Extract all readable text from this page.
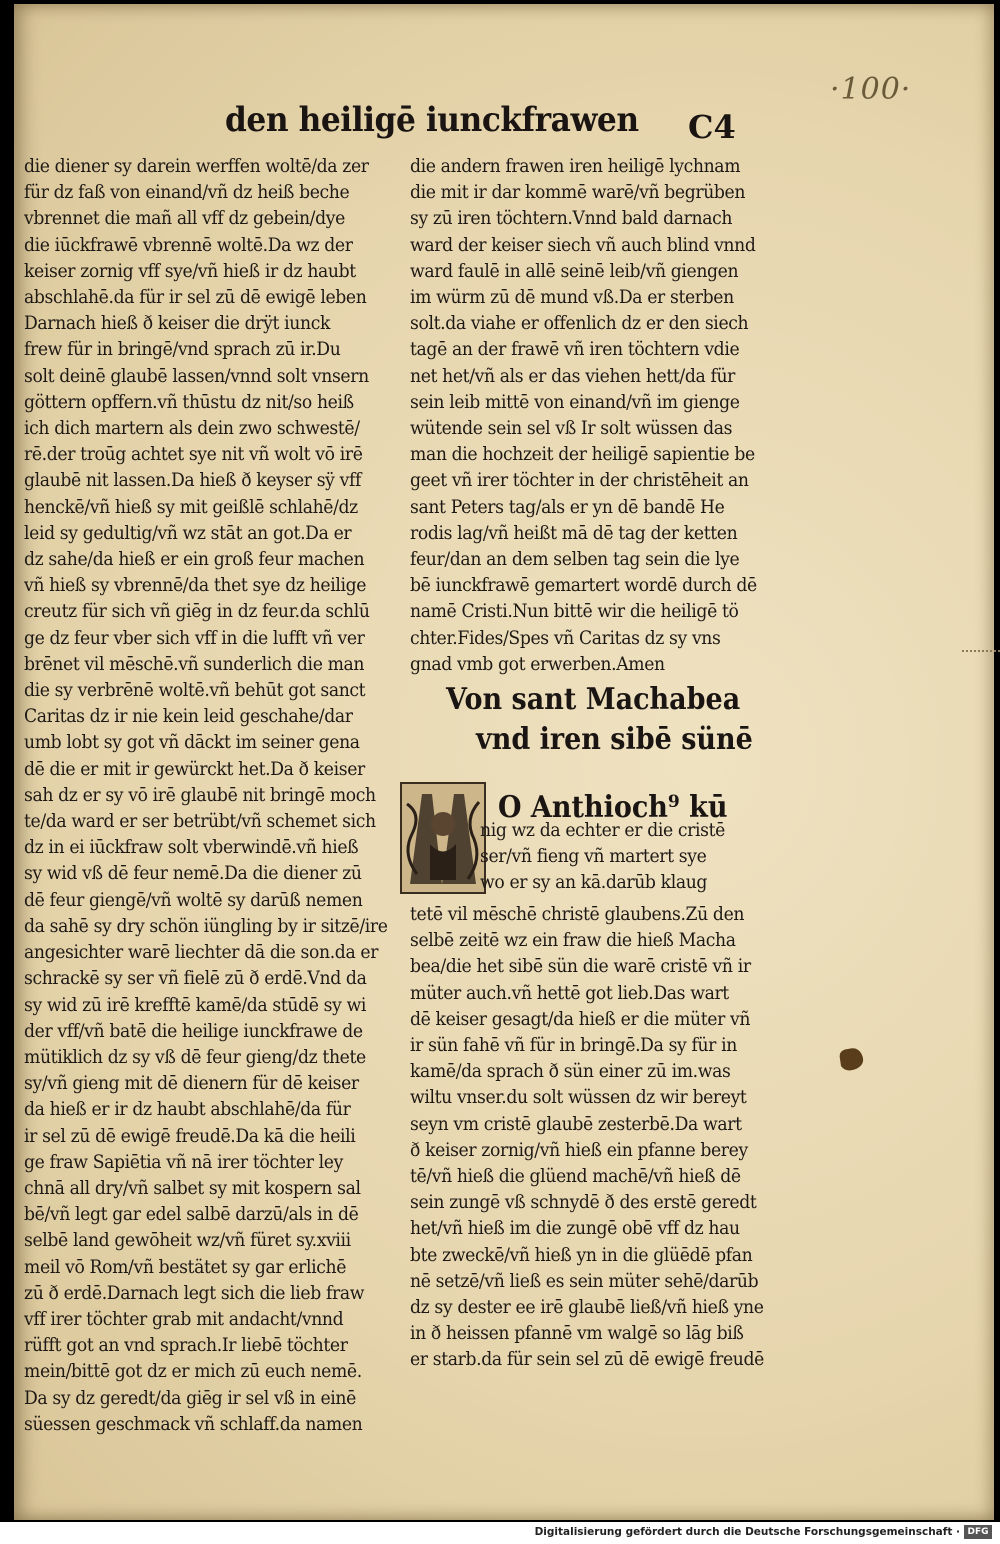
·100·
den heiligē iunckfrawen C4
die diener sy darein werffen woltē/da zer
für dz faß von einand/vñ dz heiß beche
vbrennet die mañ all vff dz gebein/dye
die iūckfrawē vbrennē woltē.Da wz der
keiser zornig vff sye/vñ hieß ir dz haubt
abschlahē.da für ir sel zū dē ewigē leben
Darnach hieß ð keiser die drÿt iunck
frew für in bringē/vnd sprach zū ir.Du
solt deinē glaubē lassen/vnnd solt vnsern
göttern opffern.vñ thūstu dz nit/so heiß
ich dich martern als dein zwo schwestē/
rē.der troūg achtet sye nit vñ wolt vō irē
glaubē nit lassen.Da hieß ð keyser sÿ vff
henckē/vñ hieß sy mit geißlē schlahē/dz
leid sy gedultig/vñ wz stāt an got.Da er
dz sahe/da hieß er ein groß feur machen
vñ hieß sy vbrennē/da thet sye dz heilige
creutz für sich vñ giēg in dz feur.da schlū
ge dz feur vber sich vff in die lufft vñ ver
brēnet vil mēschē.vñ sunderlich die man
die sy verbrēnē woltē.vñ behūt got sanct
Caritas dz ir nie kein leid geschahe/dar
umb lobt sy got vñ dāckt im seiner gena
dē die er mit ir gewürckt het.Da ð keiser
sah dz er sy vō irē glaubē nit bringē moch
te/da ward er ser betrübt/vñ schemet sich
dz in ei iūckfraw solt vberwindē.vñ hieß
sy wid vß dē feur nemē.Da die diener zū
dē feur giengē/vñ woltē sy darūß nemen
da sahē sy dry schön iüngling by ir sitzē/ire
angesichter warē liechter dā die son.da er
schrackē sy ser vñ fielē zū ð erdē.Vnd da
sy wid zū irē krefftē kamē/da stūdē sy wi
der vff/vñ batē die heilige iunckfrawe de
mütiklich dz sy vß dē feur gieng/dz thete
sy/vñ gieng mit dē dienern für dē keiser
da hieß er ir dz haubt abschlahē/da für
ir sel zū dē ewigē freudē.Da kā die heili
ge fraw Sapiētia vñ nā irer töchter ley
chnā all dry/vñ salbet sy mit kospern sal
bē/vñ legt gar edel salbē darzū/als in dē
selbē land gewōheit wz/vñ füret sy.xviii
meil vō Rom/vñ bestätet sy gar erlichē
zū ð erdē.Darnach legt sich die lieb fraw
vff irer töchter grab mit andacht/vnnd
rüfft got an vnd sprach.Ir liebē töchter
mein/bittē got dz er mich zū euch nemē.
Da sy dz geredt/da giēg ir sel vß in einē
süessen geschmack vñ schlaff.da namen
die andern frawen iren heiligē lychnam
die mit ir dar kommē warē/vñ begrüben
sy zū iren töchtern.Vnnd bald darnach
ward der keiser siech vñ auch blind vnnd
ward faulē in allē seinē leib/vñ giengen
im würm zū dē mund vß.Da er sterben
solt.da viahe er offenlich dz er den siech
tagē an der frawē vñ iren töchtern vdie
net het/vñ als er das viehen hett/da für
sein leib mittē von einand/vñ im gienge
wütende sein sel vß Ir solt wüssen das
man die hochzeit der heiligē sapientie be
geet vñ irer töchter in der christēheit an
sant Peters tag/als er yn dē bandē He
rodis lag/vñ heißt mā dē tag der ketten
feur/dan an dem selben tag sein die lye
bē iunckfrawē gemartert wordē durch dē
namē Cristi.Nun bittē wir die heiligē tö
chter.Fides/Spes vñ Caritas dz sy vns
gnad vmb got erwerben.Amen
Von sant Machabea
vnd iren sibē sünē
O Anthioch⁹ kū
nig wz da echter er die cristē
ser/vñ fieng vñ martert sye
wo er sy an kā.darūb klaug
tetē vil mēschē christē glaubens.Zū den
selbē zeitē wz ein fraw die hieß Macha
bea/die het sibē sün die warē cristē vñ ir
müter auch.vñ hettē got lieb.Das wart
dē keiser gesagt/da hieß er die müter vñ
ir sün fahē vñ für in bringē.Da sy für in
kamē/da sprach ð sün einer zū im.was
wiltu vnser.du solt wüssen dz wir bereyt
seyn vm cristē glaubē zesterbē.Da wart
ð keiser zornig/vñ hieß ein pfanne berey
tē/vñ hieß die glüend machē/vñ hieß dē
sein zungē vß schnydē ð des erstē geredt
het/vñ hieß im die zungē obē vff dz hau
bte zweckē/vñ hieß yn in die glüēdē pfan
nē setzē/vñ ließ es sein müter sehē/darūb
dz sy dester ee irē glaubē ließ/vñ hieß yne
in ð heissen pfannē vm walgē so lāg biß
er starb.da für sein sel zū dē ewigē freudē
Digitalisierung gefördert durch die Deutsche Forschungsgemeinschaft · DFG
